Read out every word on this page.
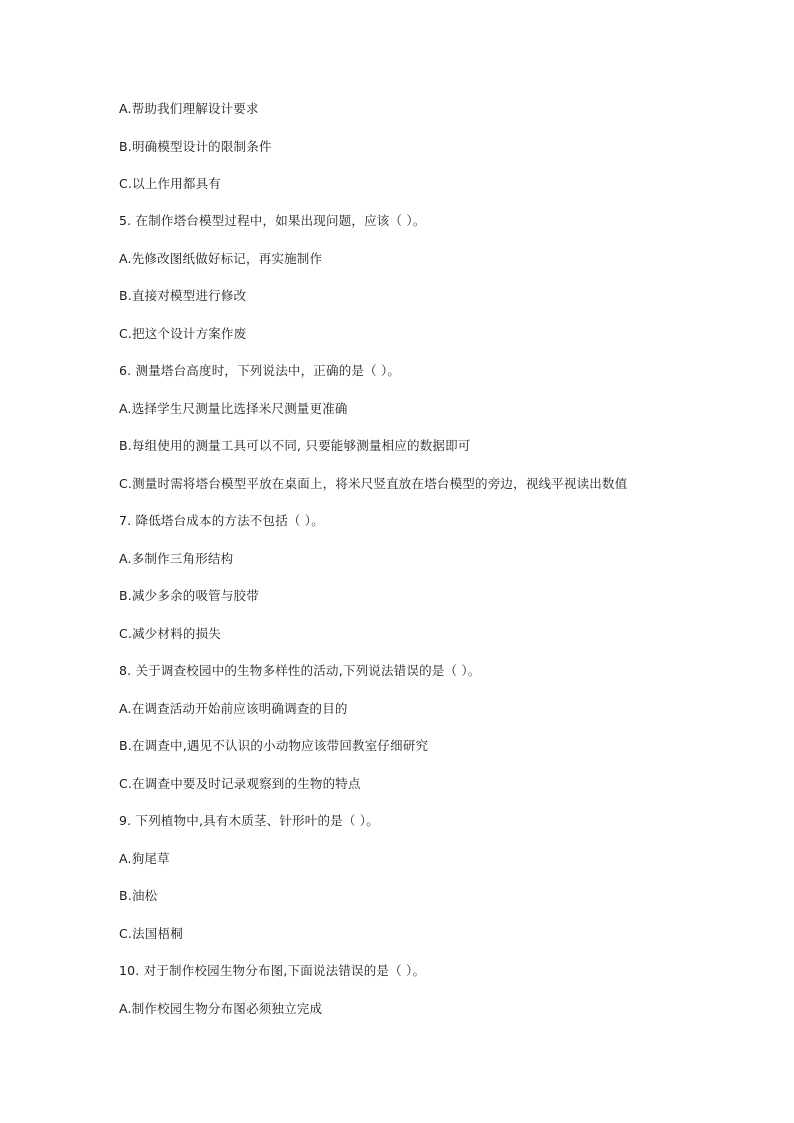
A.帮助我们理解设计要求
B.明确模型设计的限制条件
C.以上作用都具有
5. 在制作塔台模型过程中，如果出现问题，应该（ ）。
A.先修改图纸做好标记，再实施制作
B.直接对模型进行修改
C.把这个设计方案作废
6. 测量塔台高度时，下列说法中，正确的是（ ）。
A.选择学生尺测量比选择米尺测量更准确
B.每组使用的测量工具可以不同, 只要能够测量相应的数据即可
C.测量时需将塔台模型平放在桌面上，将米尺竖直放在塔台模型的旁边，视线平视读出数值
7. 降低塔台成本的方法不包括（ ）。
A.多制作三角形结构
B.减少多余的吸管与胶带
C.减少材料的损失
8. 关于调查校园中的生物多样性的活动,下列说法错误的是（ ）。
A.在调查活动开始前应该明确调查的目的
B.在调查中,遇见不认识的小动物应该带回教室仔细研究
C.在调查中要及时记录观察到的生物的特点
9. 下列植物中,具有木质茎、针形叶的是（ ）。
A.狗尾草
B.油松
C.法国梧桐
10. 对于制作校园生物分布图,下面说法错误的是（ ）。
A.制作校园生物分布图必须独立完成
